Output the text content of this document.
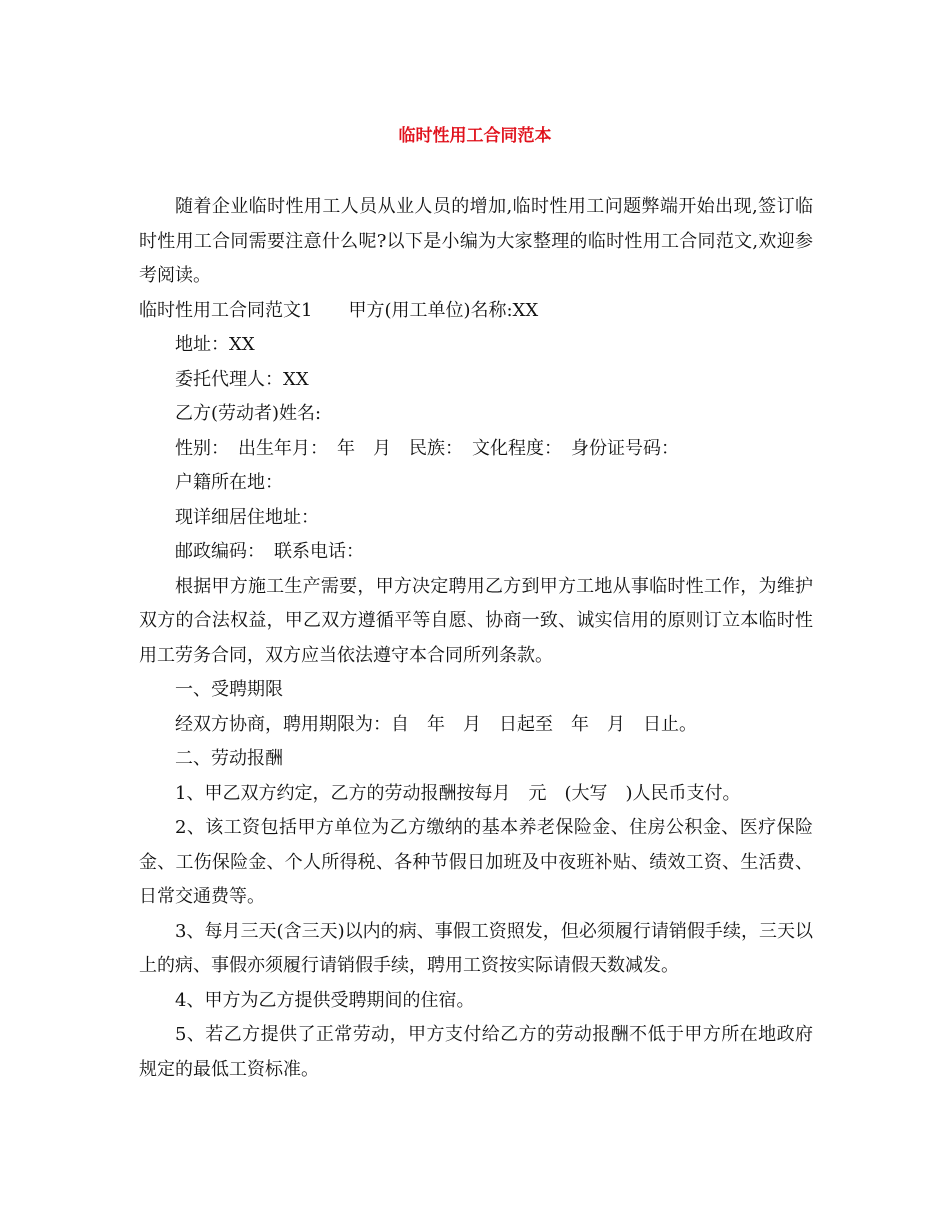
临时性用工合同范本

随着企业临时性用工人员从业人员的增加,临时性用工问题弊端开始出现,签订临时性用工合同需要注意什么呢?以下是小编为大家整理的临时性用工合同范文,欢迎参考阅读。

临时性用工合同范文1　　甲方(用工单位)名称:XX

地址：XX

委托代理人：XX

乙方(劳动者)姓名:

性别：　出生年月：　年　月　民族：　文化程度：　身份证号码：

户籍所在地：

现详细居住地址：

邮政编码：　联系电话：

根据甲方施工生产需要，甲方决定聘用乙方到甲方工地从事临时性工作，为维护双方的合法权益，甲乙双方遵循平等自愿、协商一致、诚实信用的原则订立本临时性用工劳务合同，双方应当依法遵守本合同所列条款。

一、受聘期限

经双方协商，聘用期限为：自　年　月　日起至　年　月　日止。

二、劳动报酬

1、甲乙双方约定，乙方的劳动报酬按每月　元　(大写　)人民币支付。

2、该工资包括甲方单位为乙方缴纳的基本养老保险金、住房公积金、医疗保险金、工伤保险金、个人所得税、各种节假日加班及中夜班补贴、绩效工资、生活费、日常交通费等。

3、每月三天(含三天)以内的病、事假工资照发，但必须履行请销假手续，三天以上的病、事假亦须履行请销假手续，聘用工资按实际请假天数减发。

4、甲方为乙方提供受聘期间的住宿。

5、若乙方提供了正常劳动，甲方支付给乙方的劳动报酬不低于甲方所在地政府规定的最低工资标准。
